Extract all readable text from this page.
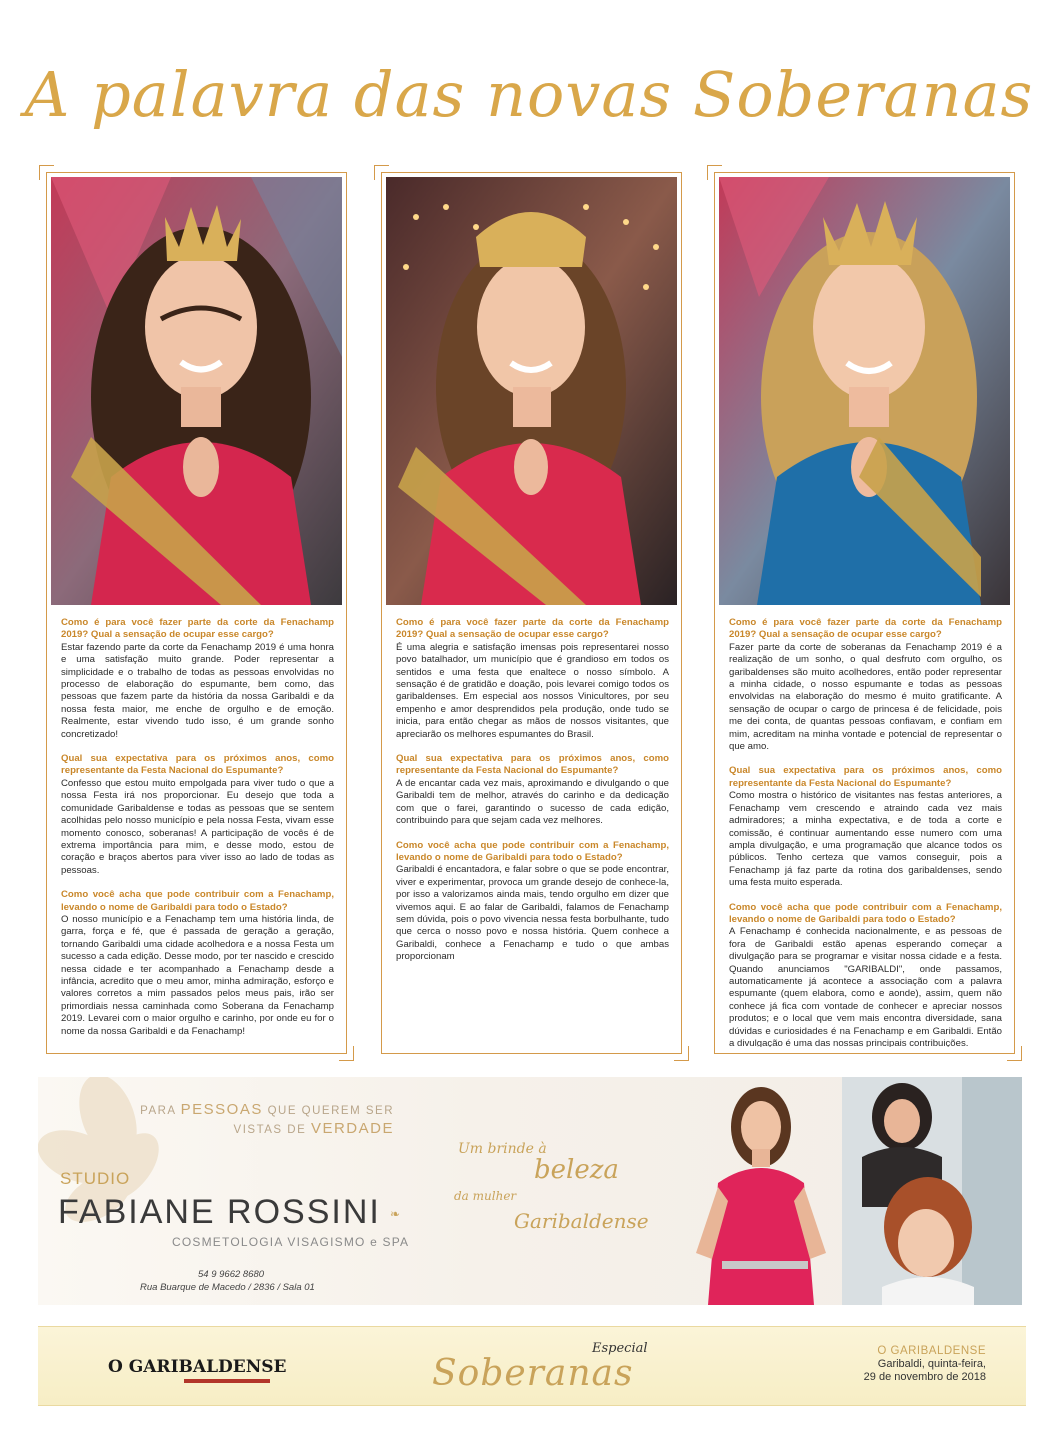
A palavra das novas Soberanas
Como é para você fazer parte da corte da Fenachamp 2019? Qual a sensação de ocupar esse cargo?
Estar fazendo parte da corte da Fenachamp 2019 é uma honra e uma satisfação muito grande. Poder representar a simplicidade e o trabalho de todas as pessoas envolvidas no processo de elaboração do espumante, bem como, das pessoas que fazem parte da história da nossa Garibaldi e da nossa festa maior, me enche de orgulho e de emoção. Realmente, estar vivendo tudo isso, é um grande sonho concretizado!
Qual sua expectativa para os próximos anos, como representante da Festa Nacional do Espumante?
Confesso que estou muito empolgada para viver tudo o que a nossa Festa irá nos proporcionar. Eu desejo que toda a comunidade Garibaldense e todas as pessoas que se sentem acolhidas pelo nosso município e pela nossa Festa, vivam esse momento conosco, soberanas! A participação de vocês é de extrema importância para mim, e desse modo, estou de coração e braços abertos para viver isso ao lado de todas as pessoas.
Como você acha que pode contribuir com a Fenachamp, levando o nome de Garibaldi para todo o Estado?
O nosso município e a Fenachamp tem uma história linda, de garra, força e fé, que é passada de geração a geração, tornando Garibaldi uma cidade acolhedora e a nossa Festa um sucesso a cada edição. Desse modo, por ter nascido e crescido nessa cidade e ter acompanhado a Fenachamp desde a infância, acredito que o meu amor, minha admiração, esforço e valores corretos a mim passados pelos meus pais, irão ser primordiais nessa caminhada como Soberana da Fenachamp 2019. Levarei com o maior orgulho e carinho, por onde eu for o nome da nossa Garibaldi e da Fenachamp!
Como é para você fazer parte da corte da Fenachamp 2019? Qual a sensação de ocupar esse cargo?
É uma alegria e satisfação imensas pois representarei nosso povo batalhador, um município que é grandioso em todos os sentidos e uma festa que enaltece o nosso símbolo. A sensação é de gratidão e doação, pois levarei comigo todos os garibaldenses. Em especial aos nossos Vinicultores, por seu empenho e amor desprendidos pela produção, onde tudo se inicia, para então chegar as mãos de nossos visitantes, que apreciarão os melhores espumantes do Brasil.
Qual sua expectativa para os próximos anos, como representante da Festa Nacional do Espumante?
A de encantar cada vez mais, aproximando e divulgando o que Garibaldi tem de melhor, através do carinho e da dedicação com que o farei, garantindo o sucesso de cada edição, contribuindo para que sejam cada vez melhores.
Como você acha que pode contribuir com a Fenachamp, levando o nome de Garibaldi para todo o Estado?
Garibaldi é encantadora, e falar sobre o que se pode encontrar, viver e experimentar, provoca um grande desejo de conhece-la, por isso a valorizamos ainda mais, tendo orgulho em dizer que vivemos aqui. E ao falar de Garibaldi, falamos de Fenachamp sem dúvida, pois o povo vivencia nessa festa borbulhante, tudo que cerca o nosso povo e nossa história. Quem conhece a Garibaldi, conhece a Fenachamp e tudo o que ambas proporcionam
Como é para você fazer parte da corte da Fenachamp 2019? Qual a sensação de ocupar esse cargo?
Fazer parte da corte de soberanas da Fenachamp 2019 é a realização de um sonho, o qual desfruto com orgulho, os garibaldenses são muito acolhedores, então poder representar a minha cidade, o nosso espumante e todas as pessoas envolvidas na elaboração do mesmo é muito gratificante. A sensação de ocupar o cargo de princesa é de felicidade, pois me dei conta, de quantas pessoas confiavam, e confiam em mim, acreditam na minha vontade e potencial de representar o que amo.
Qual sua expectativa para os próximos anos, como representante da Festa Nacional do Espumante?
Como mostra o histórico de visitantes nas festas anteriores, a Fenachamp vem crescendo e atraindo cada vez mais admiradores; a minha expectativa, e de toda a corte e comissão, é continuar aumentando esse numero com uma ampla divulgação, e uma programação que alcance todos os públicos. Tenho certeza que vamos conseguir, pois a Fenachamp já faz parte da rotina dos garibaldenses, sendo uma festa muito esperada.
Como você acha que pode contribuir com a Fenachamp, levando o nome de Garibaldi para todo o Estado?
A Fenachamp é conhecida nacionalmente, e as pessoas de fora de Garibaldi estão apenas esperando começar a divulgação para se programar e visitar nossa cidade e a festa. Quando anunciamos "GARIBALDI", onde passamos, automaticamente já acontece a associação com a palavra espumante (quem elabora, como e aonde), assim, quem não conhece já fica com vontade de conhecer e apreciar nossos produtos; e o local que vem mais encontra diversidade, sana dúvidas e curiosidades é na Fenachamp e em Garibaldi. Então a divulgação é uma das nossas principais contribuições.
PARA PESSOAS QUE QUEREM SER
VISTAS DE VERDADE
STUDIO
FABIANE ROSSINI ❧
COSMETOLOGIA VISAGISMO e SPA
54 9 9662 8680
Rua Buarque de Macedo / 2836 / Sala 01
Um brinde à
beleza
da mulher
Garibaldense
O GARIBALDENSE
Especial
Soberanas
O GARIBALDENSE
Garibaldi, quinta-feira,
29 de novembro de 2018
